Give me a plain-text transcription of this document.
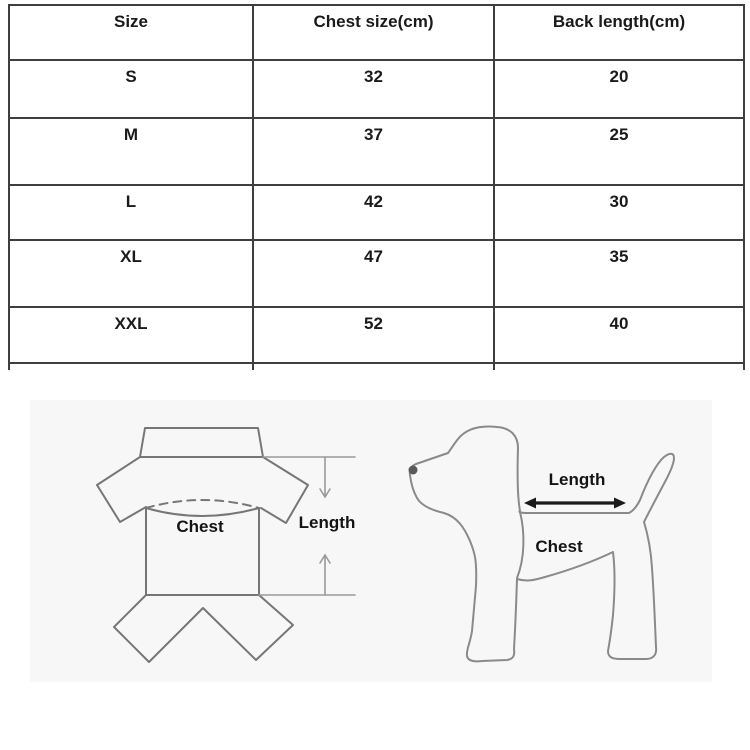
Size	Chest size(cm)	Back length(cm)
S	32	20
M	37	25
L	42	30
XL	47	35
XXL	52	40
Chest	Length
Length
Chest
